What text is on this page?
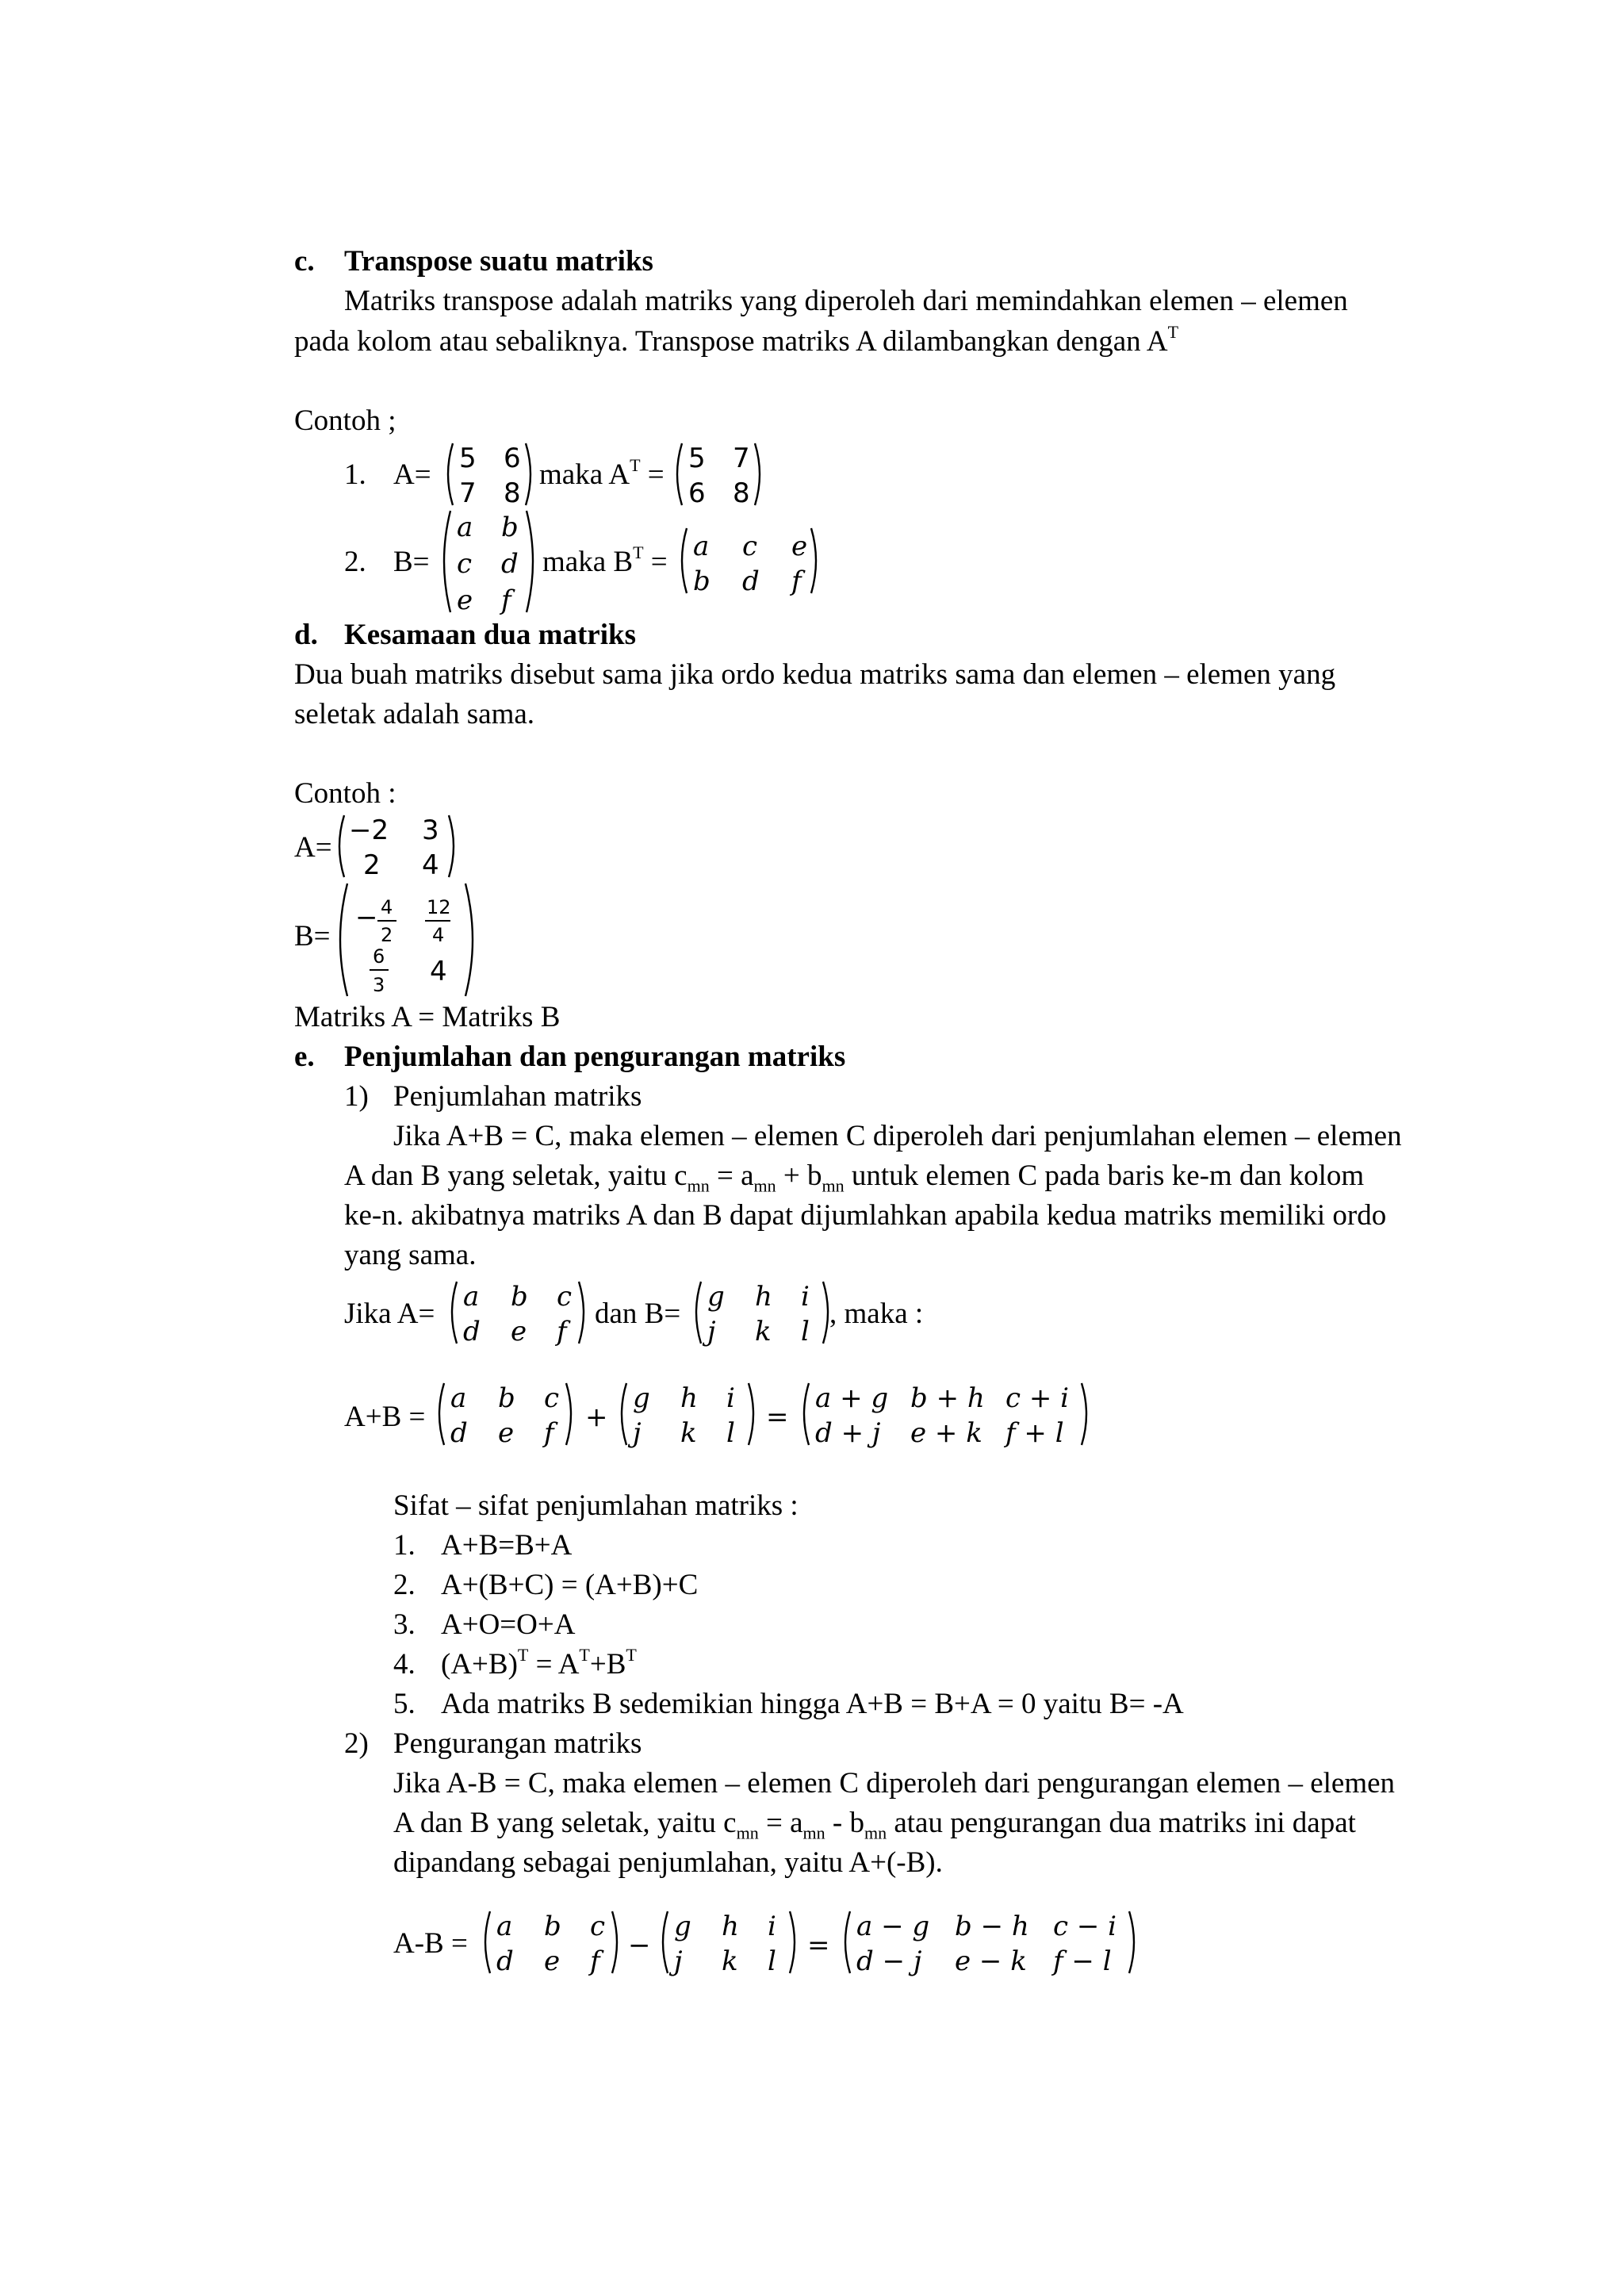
c. Transpose suatu matriks
Matriks transpose adalah matriks yang diperoleh dari memindahkan elemen – elemen
pada kolom atau sebaliknya. Transpose matriks A dilambangkan dengan $A^T$
Contoh ;
1. A= 5 6
7 8
maka $A^T = 5$ 7
6 8
2. B=
a b
c d
e f
maka $B^T = a$ c e
b d f
d. Kesamaan dua matriks
Dua buah matriks disebut sama jika ordo kedua matriks sama dan elemen – elemen yang
seletak adalah sama.
Contoh :
A=
−2 3
2 4
B=
− 4
2
12
4
6
3 4
Matriks A = Matriks B
e. Penjumlahan dan pengurangan matriks
1) Penjumlahan matriks
Jika A+B = C, maka elemen – elemen C diperoleh dari penjumlahan elemen – elemen
A dan B yang seletak, yaitu $c_{mn} = a_{mn} + b_{mn}$ untuk elemen C pada baris ke-m dan kolom
ke-n. akibatnya matriks A dan B dapat dijumlahkan apabila kedua matriks memiliki ordo
yang sama.
Jika A=
a b c
d e f
dan B=
g h i
j k l
, maka :
A+B =
a b c
d e f +
g h i
j k l =
a + g b + h c + i
d + j e + k f + l
Sifat – sifat penjumlahan matriks :
1. A+B=B+A
2. A+(B+C) = (A+B)+C
3. A+O=O+A
4. $(A+B)^T = A^T+B^T$
5. Ada matriks B sedemikian hingga A+B = B+A = 0 yaitu B= -A
2) Pengurangan matriks
Jika A-B = C, maka elemen – elemen C diperoleh dari pengurangan elemen – elemen
A dan B yang seletak, yaitu $c_{mn} = a_{mn} - b_{mn}$ atau pengurangan dua matriks ini dapat
dipandang sebagai penjumlahan, yaitu A+(-B).
A-B =
a b c
d e f −
g h i
j k l =
a − g b − h c − i
d − j e − k f − l
